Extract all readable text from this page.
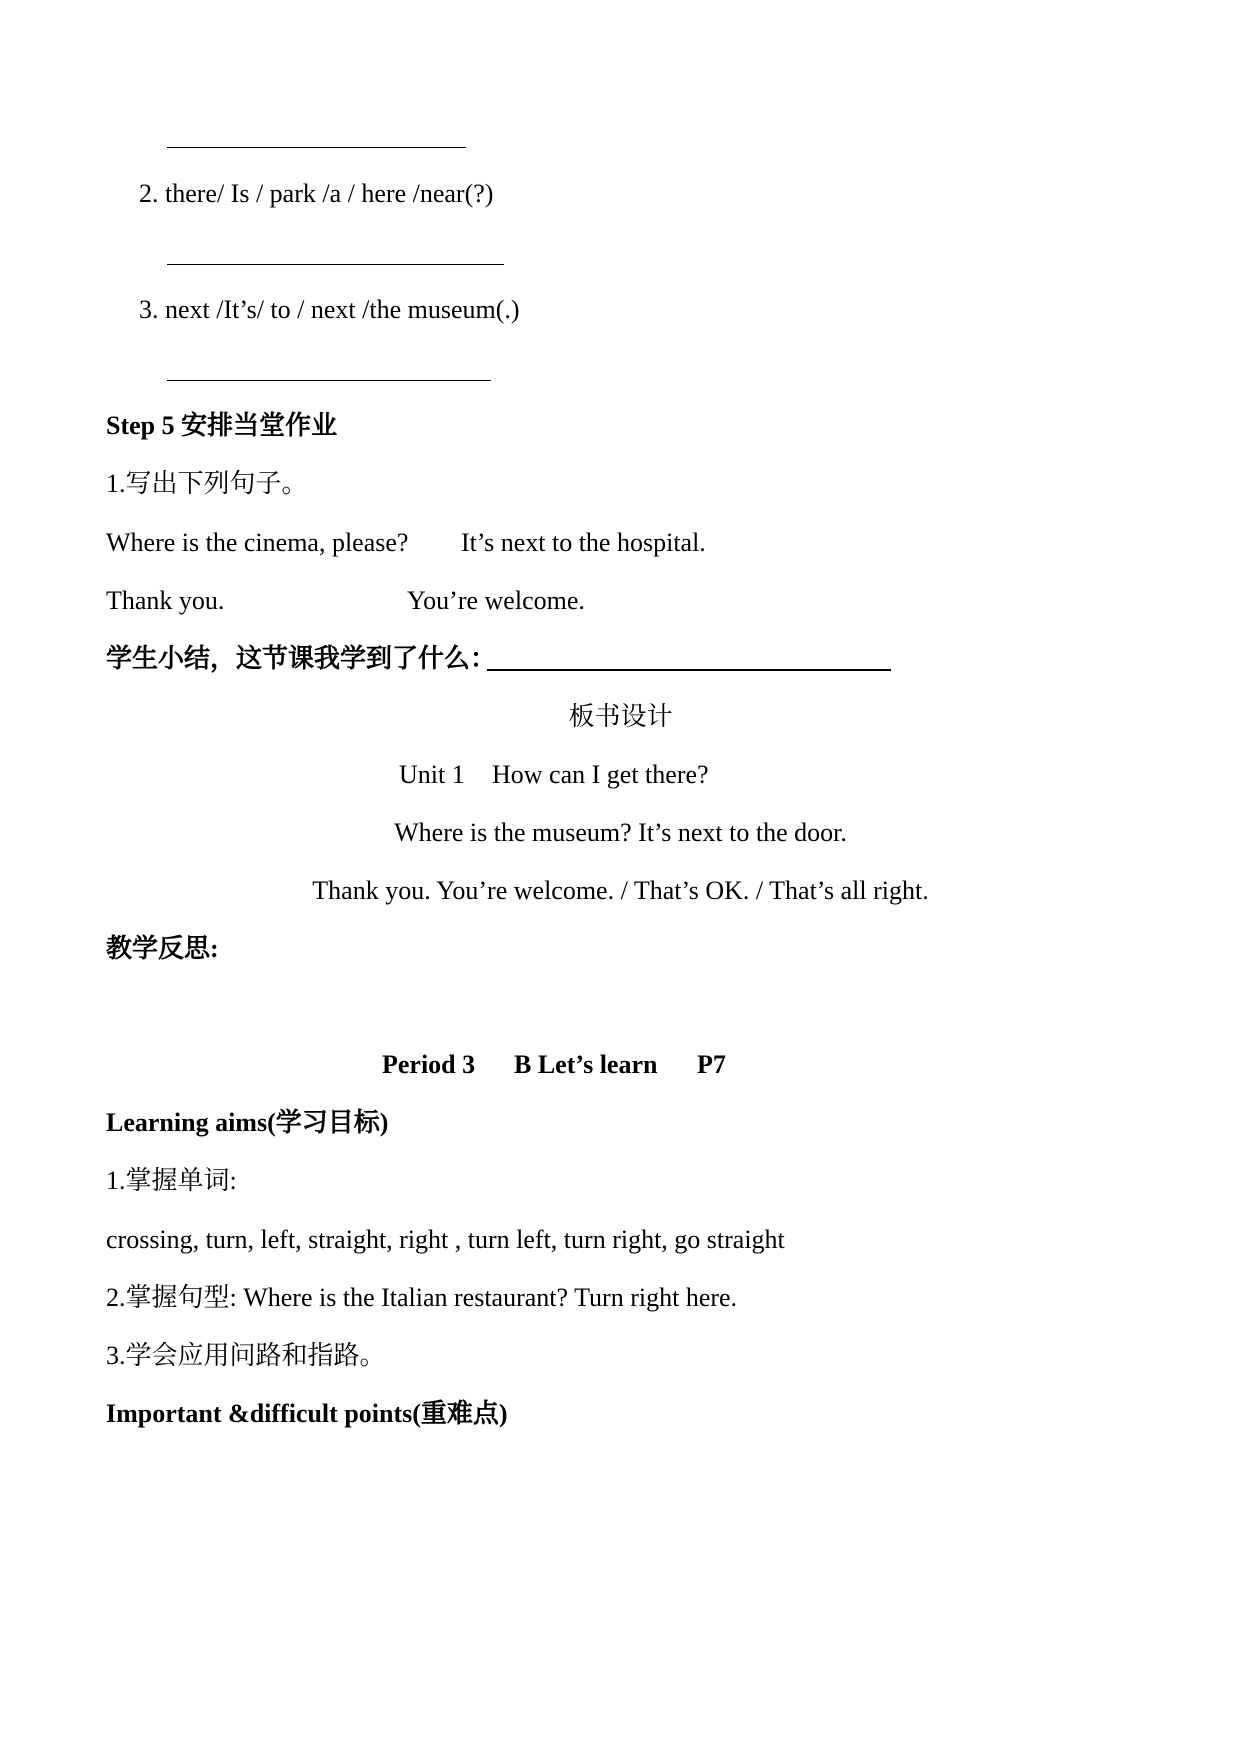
2. there/ Is / park /a / here /near(?)
3. next /It’s/ to / next /the museum(.)
Step 5 安排当堂作业
1.写出下列句子。
Where is the cinema, please? It’s next to the hospital.
Thank you.	You’re welcome.
学生小结，这节课我学到了什么：
板书设计
Unit 1 How can I get there?
Where is the museum? It’s next to the door.
Thank you. You’re welcome. / That’s OK. / That’s all right.
教学反思:
Period 3 B Let’s learn P7
Learning aims(学习目标)
1.掌握单词:
crossing, turn, left, straight, right , turn left, turn right, go straight
2.掌握句型: Where is the Italian restaurant? Turn right here.
3.学会应用问路和指路。
Important &difficult points(重难点)
